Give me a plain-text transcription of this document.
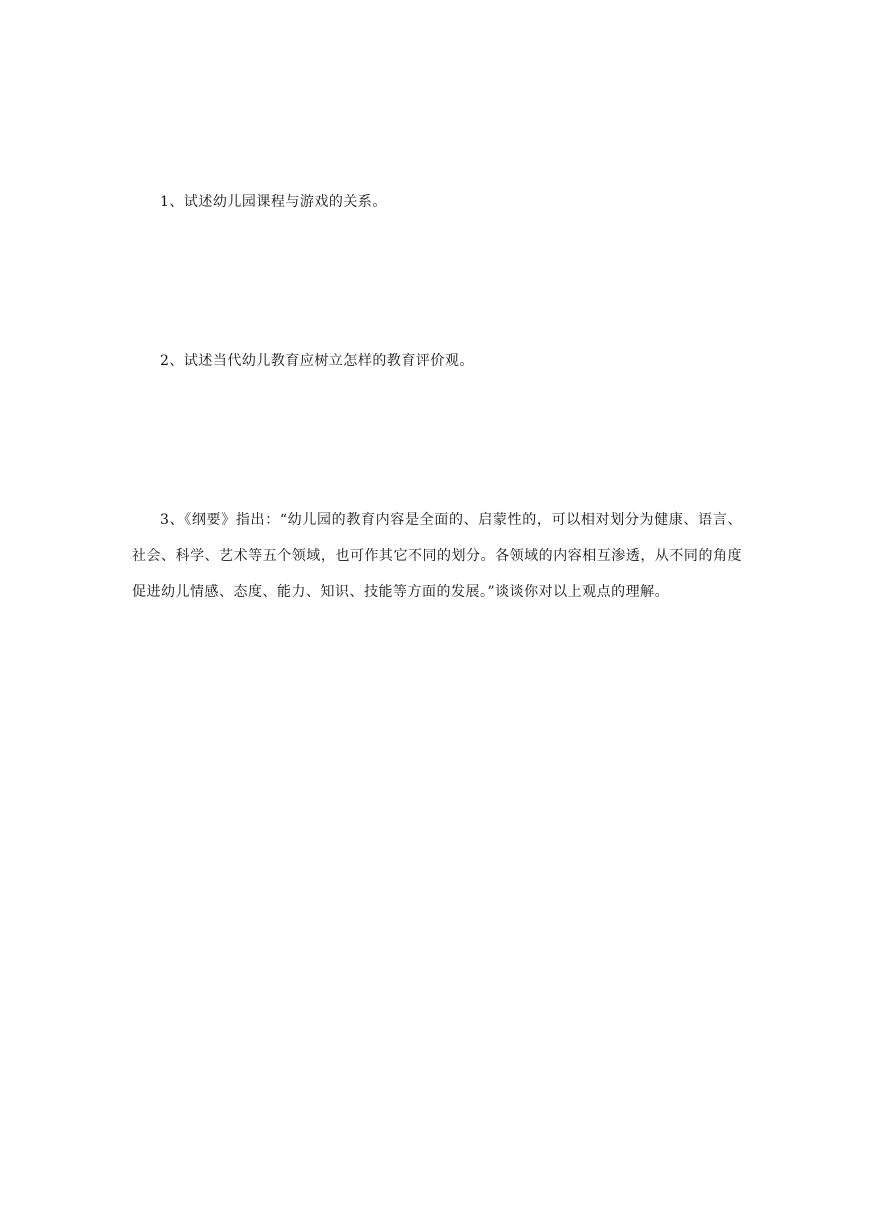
1、试述幼儿园课程与游戏的关系。

2、试述当代幼儿教育应树立怎样的教育评价观。

3、《纲要》指出：“幼儿园的教育内容是全面的、启蒙性的，可以相对划分为健康、语言、社会、科学、艺术等五个领域，也可作其它不同的划分。各领域的内容相互渗透，从不同的角度促进幼儿情感、态度、能力、知识、技能等方面的发展。”谈谈你对以上观点的理解。
